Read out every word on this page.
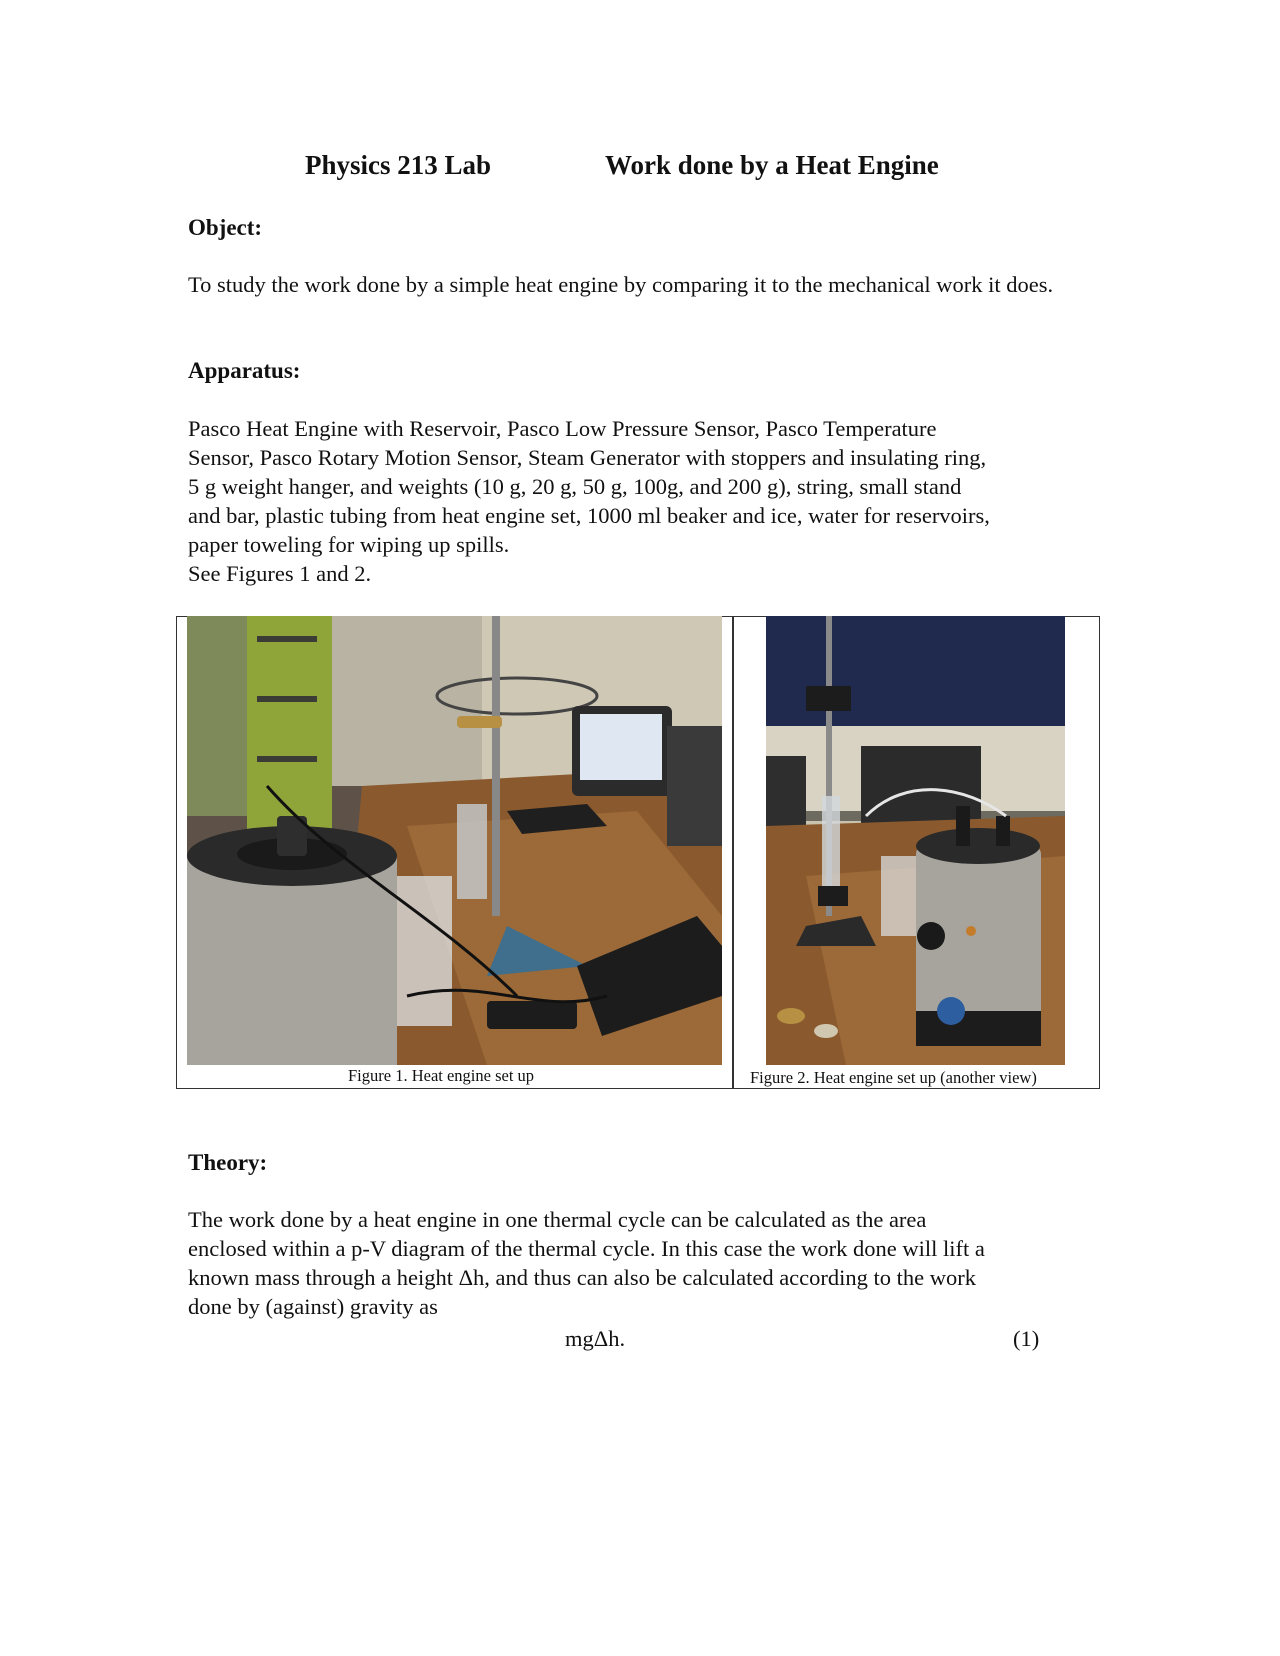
Physics 213 Lab	Work done by a Heat Engine
Object:
To study the work done by a simple heat engine by comparing it to the mechanical work it does.
Apparatus:
Pasco Heat Engine with Reservoir, Pasco Low Pressure Sensor, Pasco Temperature
Sensor, Pasco Rotary Motion Sensor, Steam Generator with stoppers and insulating ring,
5 g weight hanger, and weights (10 g, 20 g, 50 g, 100g, and 200 g), string, small stand
and bar, plastic tubing from heat engine set, 1000 ml beaker and ice, water for reservoirs,
paper toweling for wiping up spills.
See Figures 1 and 2.
Figure 1. Heat engine set up	Figure 2. Heat engine set up (another view)
Theory:
The work done by a heat engine in one thermal cycle can be calculated as the area
enclosed within a p-V diagram of the thermal cycle. In this case the work done will lift a
known mass through a height Δh, and thus can also be calculated according to the work
done by (against) gravity as
mgΔh.	(1)
